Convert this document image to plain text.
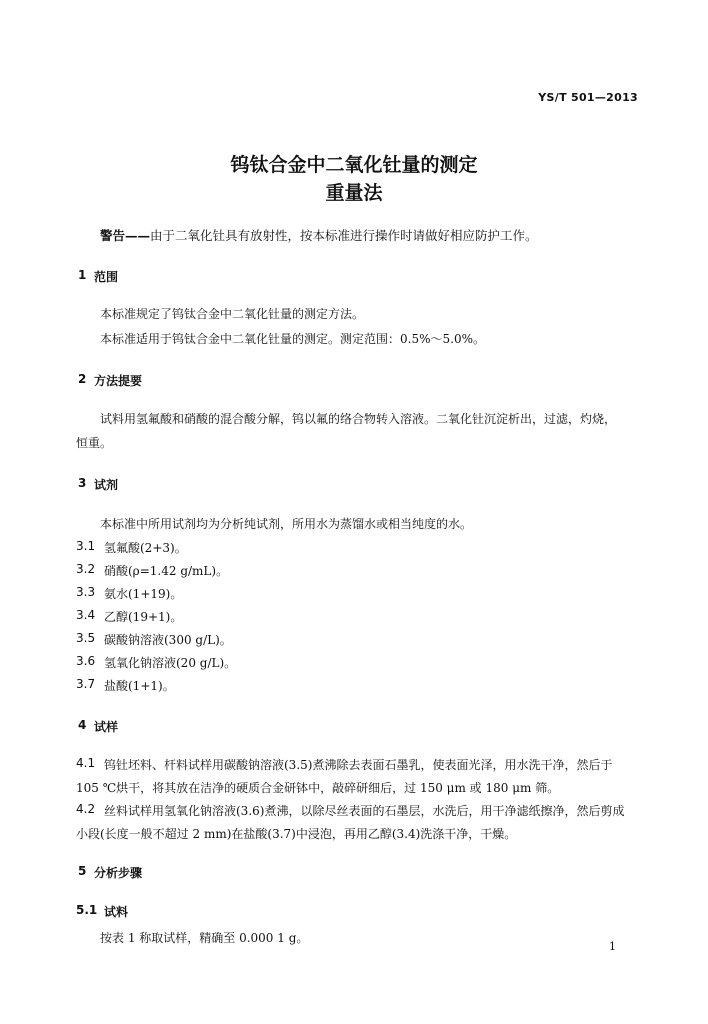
YS/T 501—2013
钨钛合金中二氧化钍量的测定
重量法
警告——由于二氧化钍具有放射性，按本标准进行操作时请做好相应防护工作。
1 范围
本标准规定了钨钛合金中二氧化钍量的测定方法。
本标准适用于钨钛合金中二氧化钍量的测定。测定范围：0.5%～5.0%。
2 方法提要
试料用氢氟酸和硝酸的混合酸分解，钨以氟的络合物转入溶液。二氧化钍沉淀析出，过滤，灼烧，
恒重。
3 试剂
本标准中所用试剂均为分析纯试剂，所用水为蒸馏水或相当纯度的水。
3.1 氢氟酸(2+3)。
3.2 硝酸(ρ=1.42 g/mL)。
3.3 氨水(1+19)。
3.4 乙醇(19+1)。
3.5 碳酸钠溶液(300 g/L)。
3.6 氢氧化钠溶液(20 g/L)。
3.7 盐酸(1+1)。
4 试样
4.1 钨钍坯料、杆料试样用碳酸钠溶液(3.5)煮沸除去表面石墨乳，使表面光泽，用水洗干净，然后于
105 ℃烘干，将其放在洁净的硬质合金研钵中，敲碎研细后，过 150 μm 或 180 μm 筛。
4.2 丝料试样用氢氧化钠溶液(3.6)煮沸，以除尽丝表面的石墨层，水洗后，用干净滤纸擦净，然后剪成
小段(长度一般不超过 2 mm)在盐酸(3.7)中浸泡，再用乙醇(3.4)洗涤干净，干燥。
5 分析步骤
5.1 试料
按表 1 称取试样，精确至 0.000 1 g。
1
